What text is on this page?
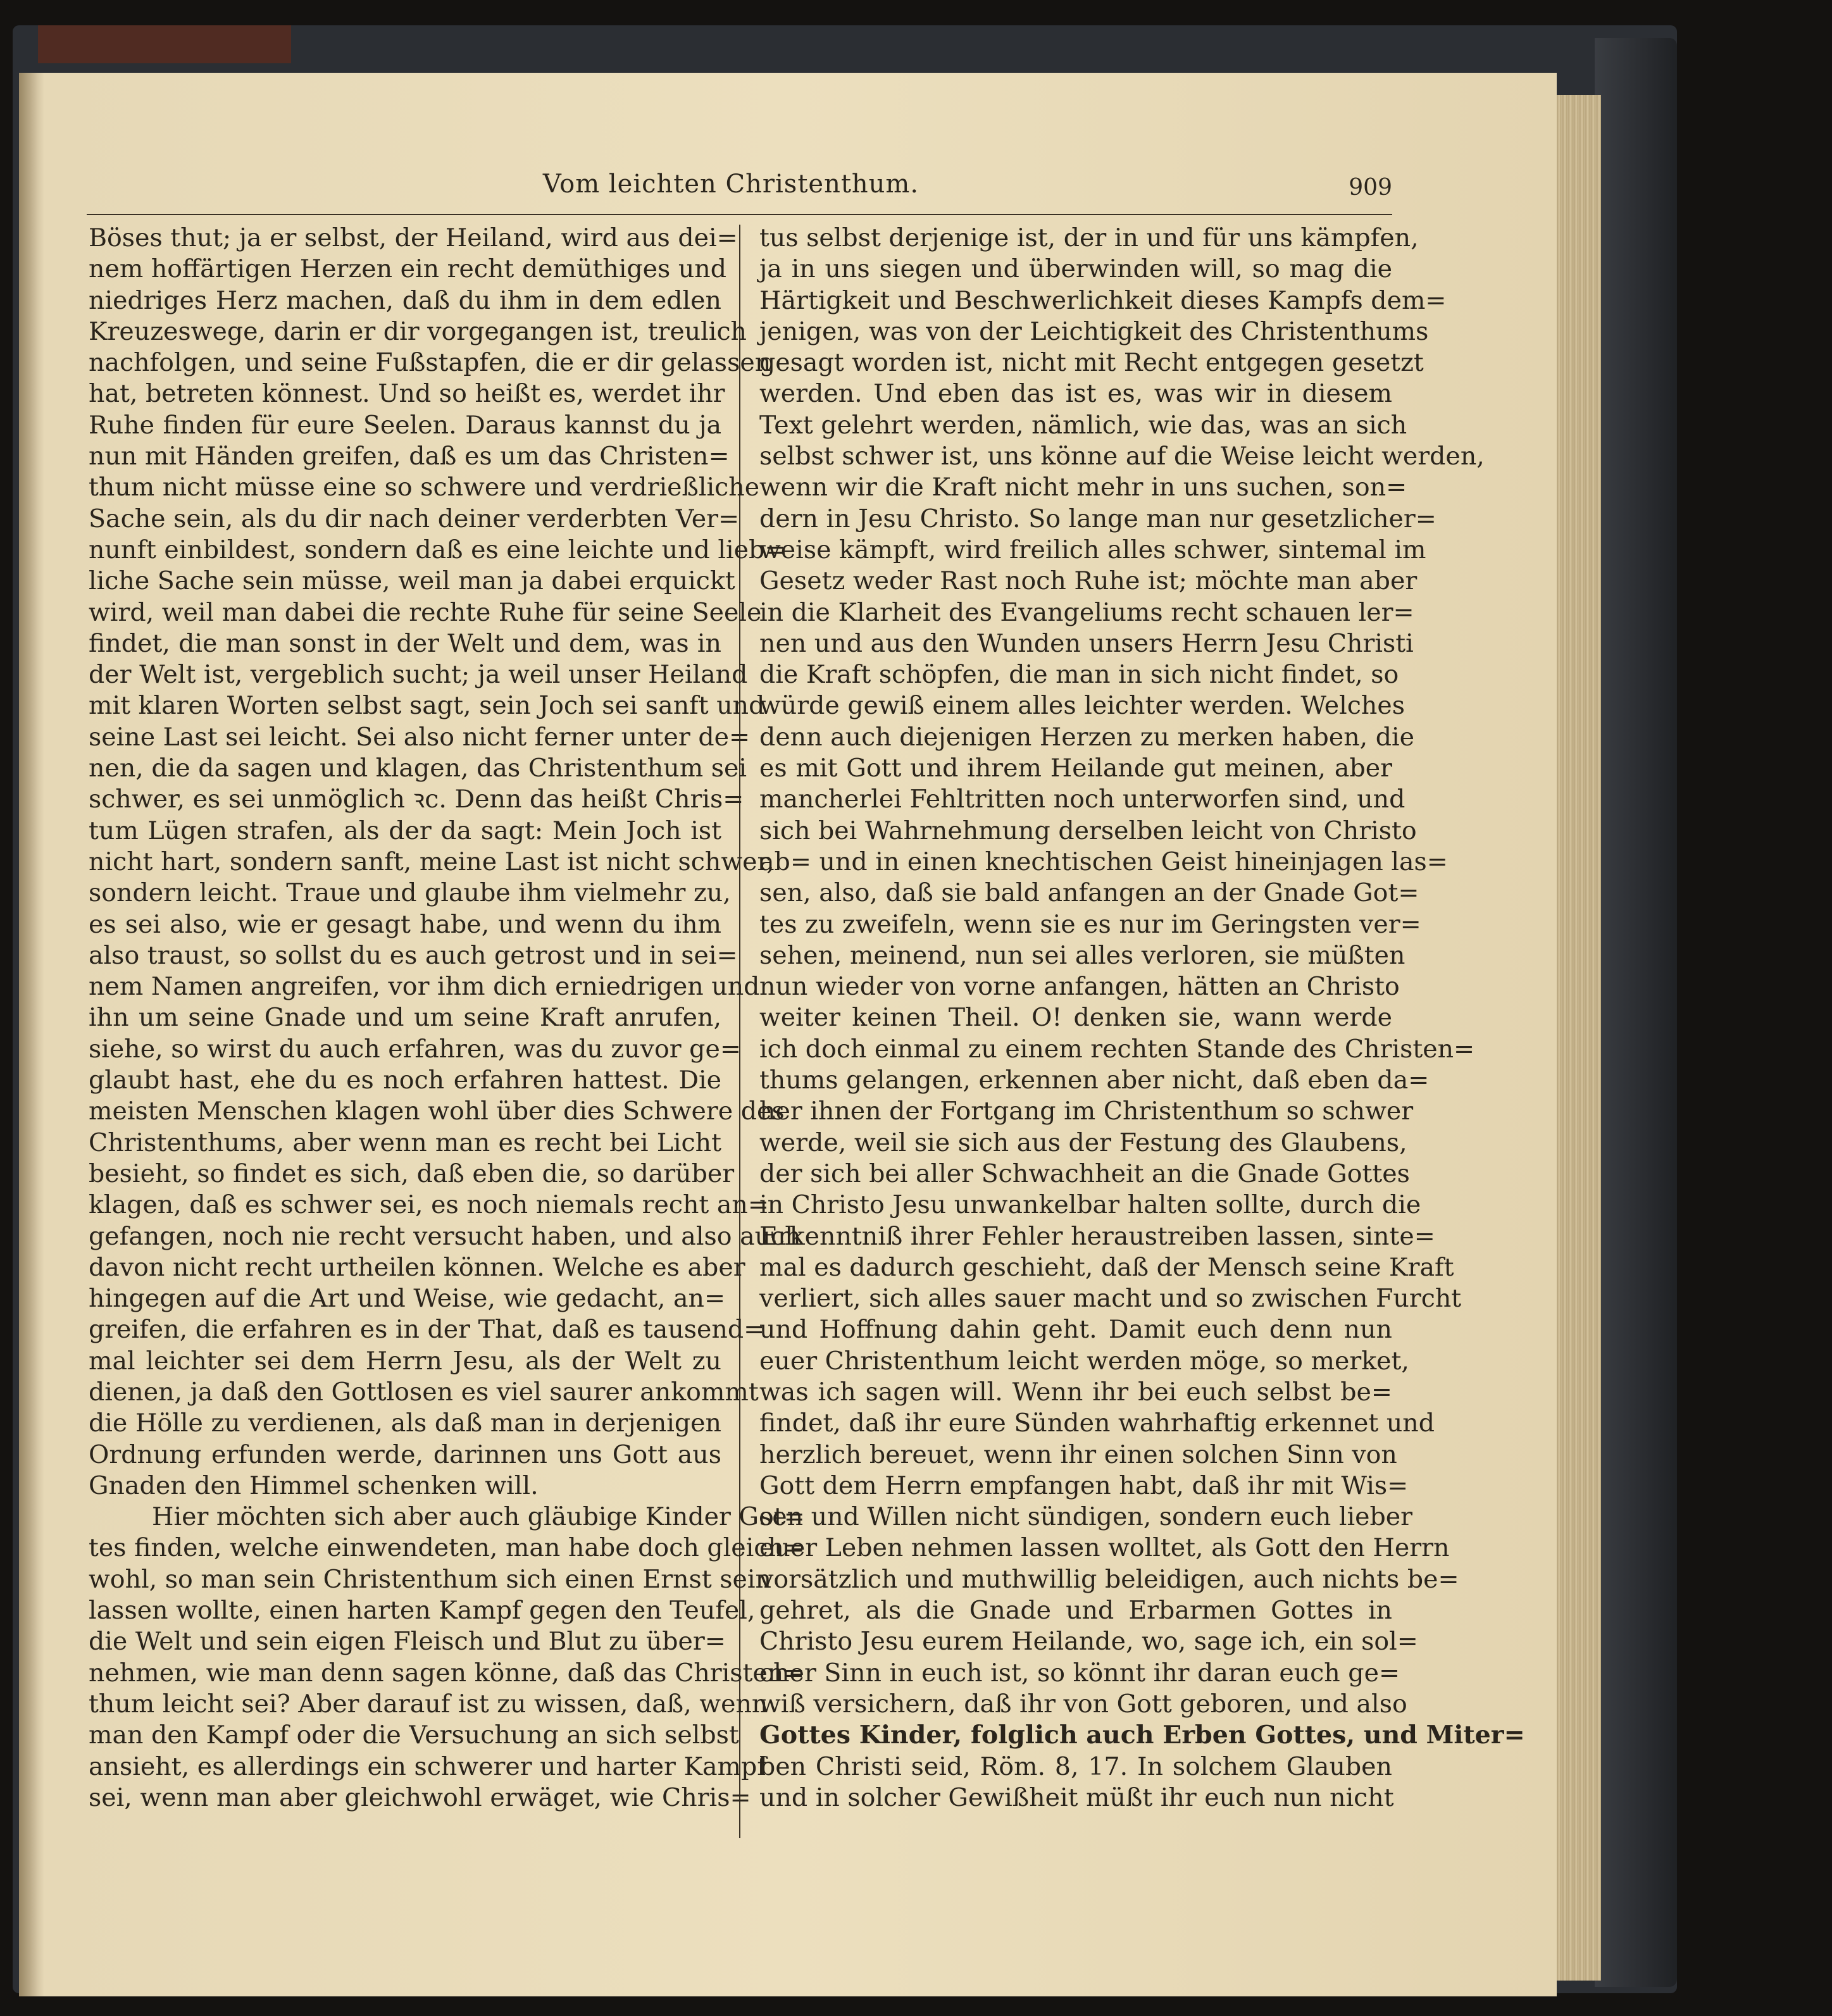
Vom leichten Christenthum.	909
Böses thut; ja er selbst, der Heiland, wird aus dei=
nem hoffärtigen Herzen ein recht demüthiges und
niedriges Herz machen, daß du ihm in dem edlen
Kreuzeswege, darin er dir vorgegangen ist, treulich
nachfolgen, und seine Fußstapfen, die er dir gelassen
hat, betreten könnest. Und so heißt es, werdet ihr
Ruhe finden für eure Seelen. Daraus kannst du ja
nun mit Händen greifen, daß es um das Christen=
thum nicht müsse eine so schwere und verdrießliche
Sache sein, als du dir nach deiner verderbten Ver=
nunft einbildest, sondern daß es eine leichte und lieb=
liche Sache sein müsse, weil man ja dabei erquickt
wird, weil man dabei die rechte Ruhe für seine Seele
findet, die man sonst in der Welt und dem, was in
der Welt ist, vergeblich sucht; ja weil unser Heiland
mit klaren Worten selbst sagt, sein Joch sei sanft und
seine Last sei leicht. Sei also nicht ferner unter de=
nen, die da sagen und klagen, das Christenthum sei
schwer, es sei unmöglich ꝛc. Denn das heißt Chris=
tum Lügen strafen, als der da sagt: Mein Joch ist
nicht hart, sondern sanft, meine Last ist nicht schwer,
sondern leicht. Traue und glaube ihm vielmehr zu,
es sei also, wie er gesagt habe, und wenn du ihm
also traust, so sollst du es auch getrost und in sei=
nem Namen angreifen, vor ihm dich erniedrigen und
ihn um seine Gnade und um seine Kraft anrufen,
siehe, so wirst du auch erfahren, was du zuvor ge=
glaubt hast, ehe du es noch erfahren hattest. Die
meisten Menschen klagen wohl über dies Schwere des
Christenthums, aber wenn man es recht bei Licht
besieht, so findet es sich, daß eben die, so darüber
klagen, daß es schwer sei, es noch niemals recht an=
gefangen, noch nie recht versucht haben, und also auch
davon nicht recht urtheilen können. Welche es aber
hingegen auf die Art und Weise, wie gedacht, an=
greifen, die erfahren es in der That, daß es tausend=
mal leichter sei dem Herrn Jesu, als der Welt zu
dienen, ja daß den Gottlosen es viel saurer ankommt
die Hölle zu verdienen, als daß man in derjenigen
Ordnung erfunden werde, darinnen uns Gott aus
Gnaden den Himmel schenken will.
Hier möchten sich aber auch gläubige Kinder Got=
tes finden, welche einwendeten, man habe doch gleich=
wohl, so man sein Christenthum sich einen Ernst sein
lassen wollte, einen harten Kampf gegen den Teufel,
die Welt und sein eigen Fleisch und Blut zu über=
nehmen, wie man denn sagen könne, daß das Christen=
thum leicht sei? Aber darauf ist zu wissen, daß, wenn
man den Kampf oder die Versuchung an sich selbst
ansieht, es allerdings ein schwerer und harter Kampf
sei, wenn man aber gleichwohl erwäget, wie Chris=
tus selbst derjenige ist, der in und für uns kämpfen,
ja in uns siegen und überwinden will, so mag die
Härtigkeit und Beschwerlichkeit dieses Kampfs dem=
jenigen, was von der Leichtigkeit des Christenthums
gesagt worden ist, nicht mit Recht entgegen gesetzt
werden. Und eben das ist es, was wir in diesem
Text gelehrt werden, nämlich, wie das, was an sich
selbst schwer ist, uns könne auf die Weise leicht werden,
wenn wir die Kraft nicht mehr in uns suchen, son=
dern in Jesu Christo. So lange man nur gesetzlicher=
weise kämpft, wird freilich alles schwer, sintemal im
Gesetz weder Rast noch Ruhe ist; möchte man aber
in die Klarheit des Evangeliums recht schauen ler=
nen und aus den Wunden unsers Herrn Jesu Christi
die Kraft schöpfen, die man in sich nicht findet, so
würde gewiß einem alles leichter werden. Welches
denn auch diejenigen Herzen zu merken haben, die
es mit Gott und ihrem Heilande gut meinen, aber
mancherlei Fehltritten noch unterworfen sind, und
sich bei Wahrnehmung derselben leicht von Christo
ab= und in einen knechtischen Geist hineinjagen las=
sen, also, daß sie bald anfangen an der Gnade Got=
tes zu zweifeln, wenn sie es nur im Geringsten ver=
sehen, meinend, nun sei alles verloren, sie müßten
nun wieder von vorne anfangen, hätten an Christo
weiter keinen Theil. O! denken sie, wann werde
ich doch einmal zu einem rechten Stande des Christen=
thums gelangen, erkennen aber nicht, daß eben da=
her ihnen der Fortgang im Christenthum so schwer
werde, weil sie sich aus der Festung des Glaubens,
der sich bei aller Schwachheit an die Gnade Gottes
in Christo Jesu unwankelbar halten sollte, durch die
Erkenntniß ihrer Fehler heraustreiben lassen, sinte=
mal es dadurch geschieht, daß der Mensch seine Kraft
verliert, sich alles sauer macht und so zwischen Furcht
und Hoffnung dahin geht. Damit euch denn nun
euer Christenthum leicht werden möge, so merket,
was ich sagen will. Wenn ihr bei euch selbst be=
findet, daß ihr eure Sünden wahrhaftig erkennet und
herzlich bereuet, wenn ihr einen solchen Sinn von
Gott dem Herrn empfangen habt, daß ihr mit Wis=
sen und Willen nicht sündigen, sondern euch lieber
euer Leben nehmen lassen wolltet, als Gott den Herrn
vorsätzlich und muthwillig beleidigen, auch nichts be=
gehret, als die Gnade und Erbarmen Gottes in
Christo Jesu eurem Heilande, wo, sage ich, ein sol=
cher Sinn in euch ist, so könnt ihr daran euch ge=
wiß versichern, daß ihr von Gott geboren, und also
Gottes Kinder, folglich auch Erben Gottes, und Miter=
ben Christi seid, Röm. 8, 17. In solchem Glauben
und in solcher Gewißheit müßt ihr euch nun nicht
